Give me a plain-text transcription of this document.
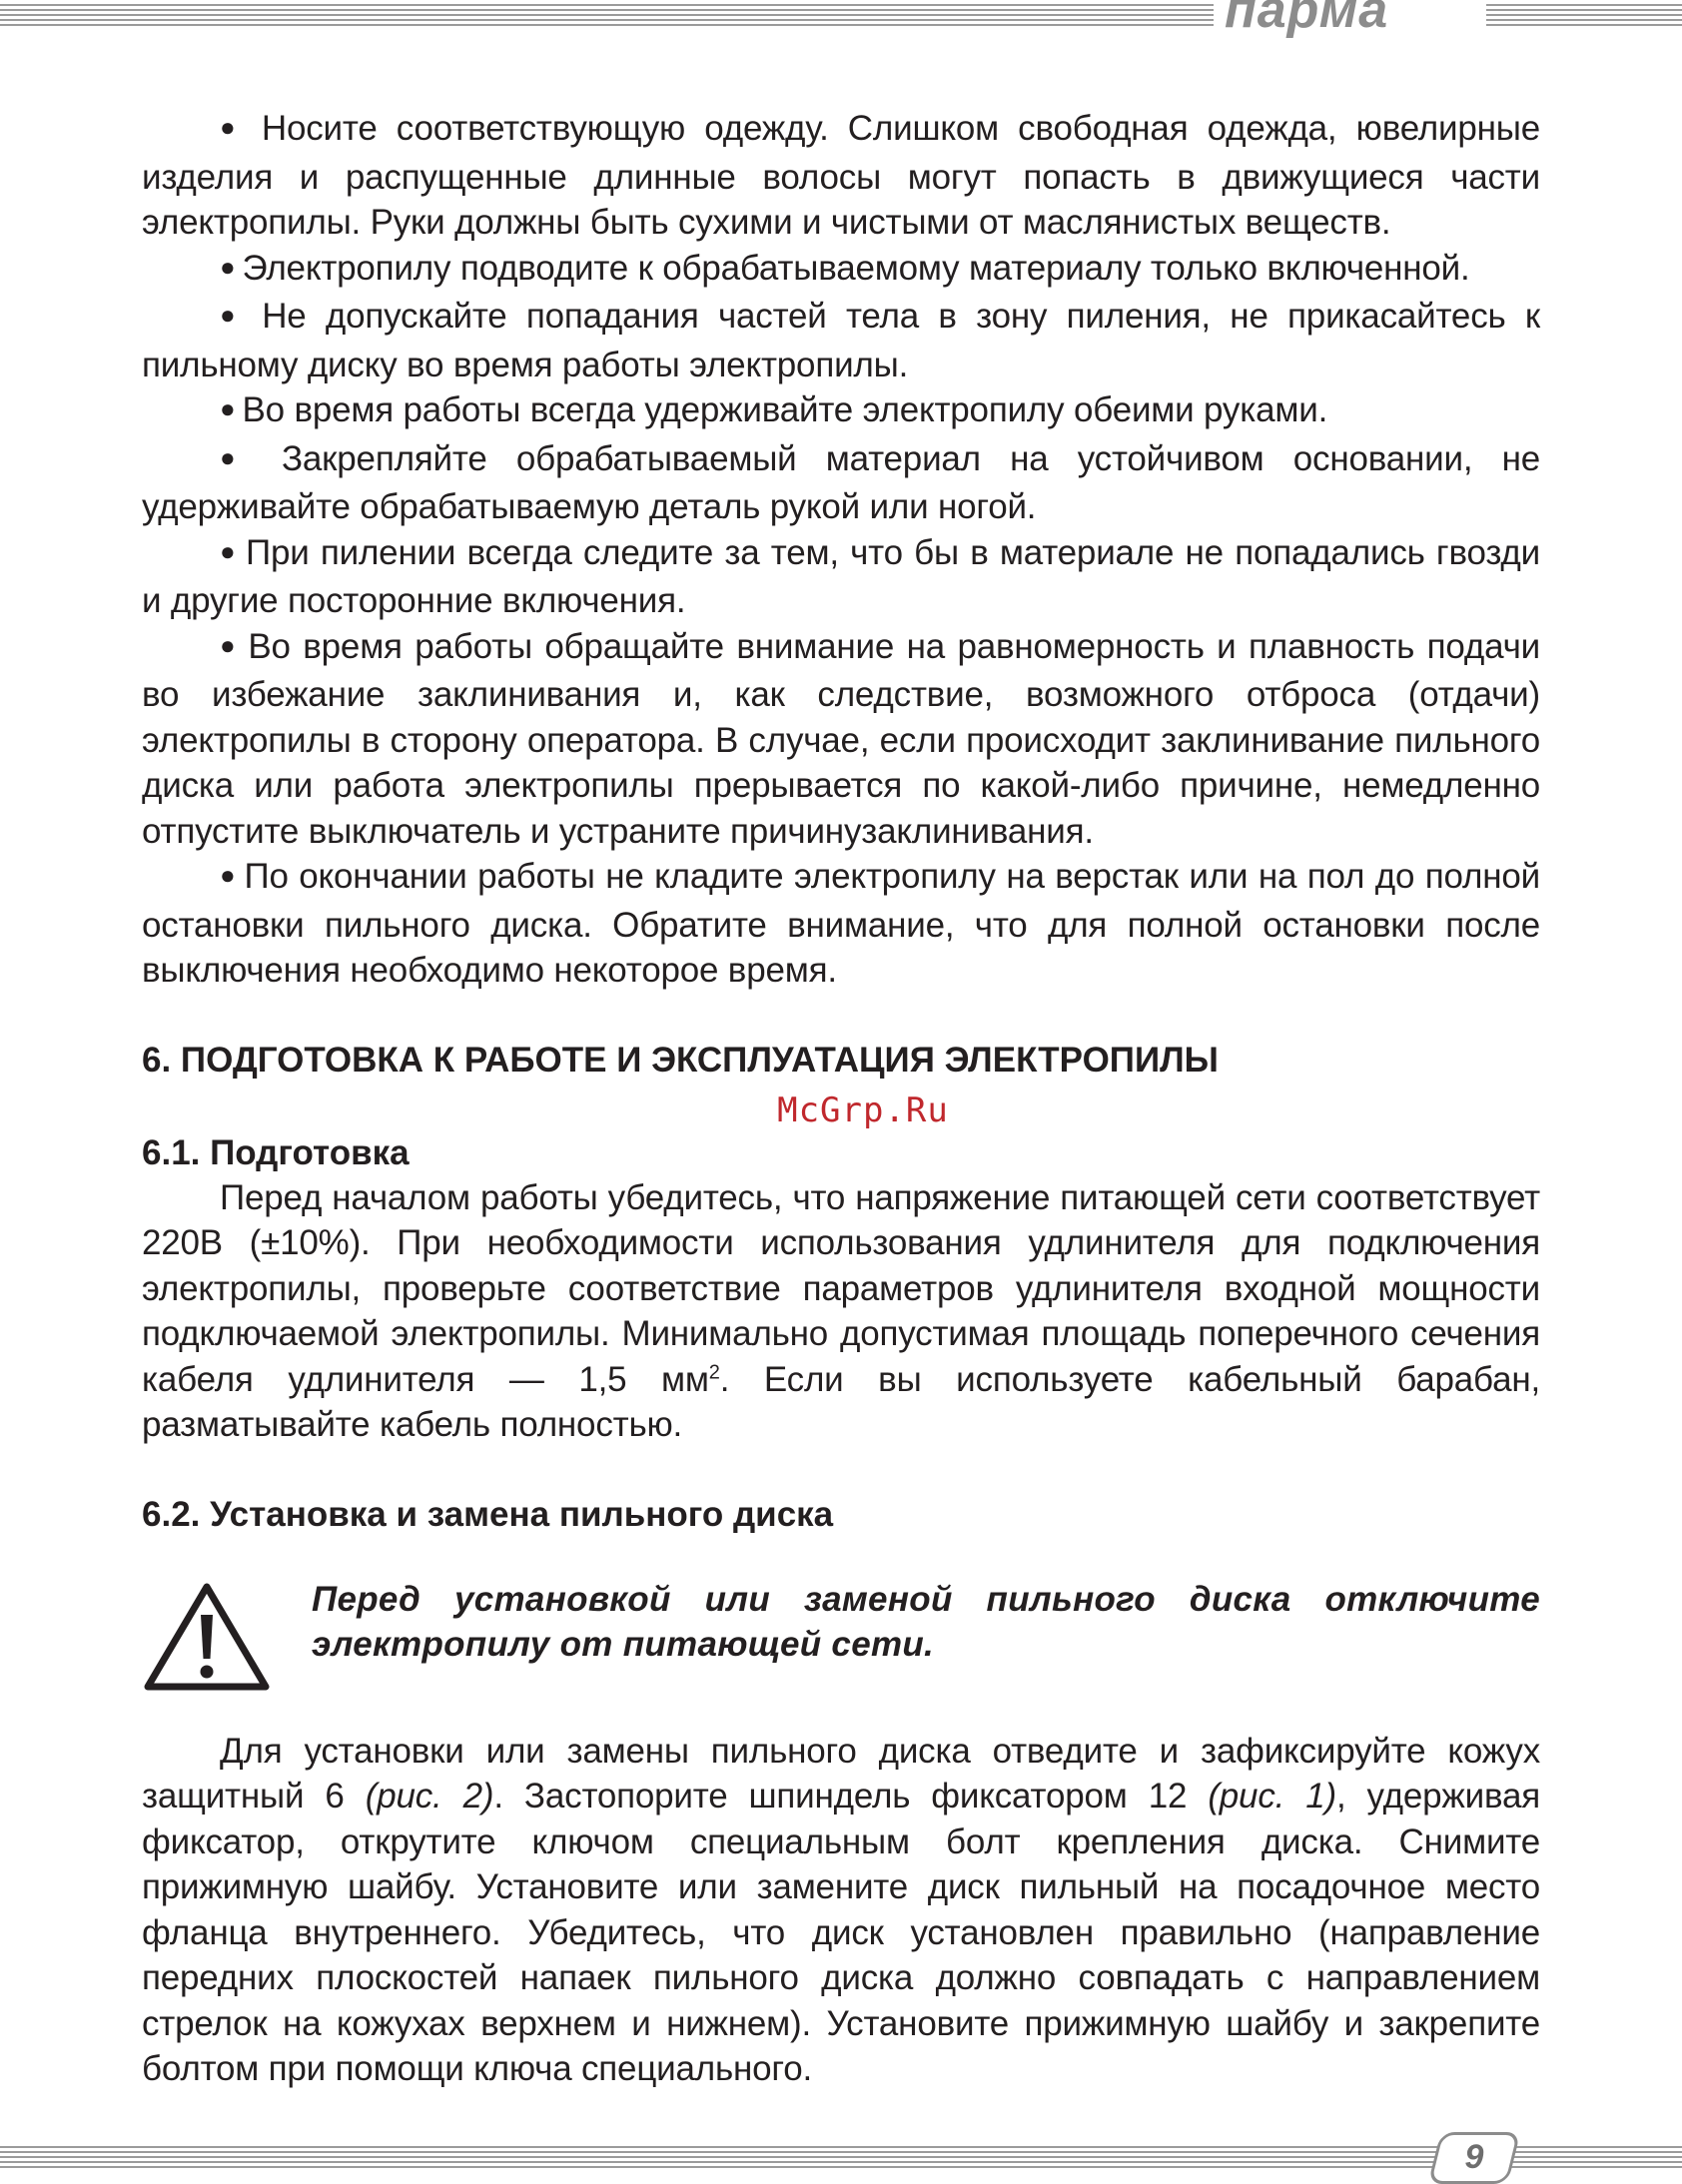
парма

● Носите соответствующую одежду. Слишком свободная одежда, ювелирные изделия и распущенные длинные волосы могут попасть в движущиеся части электропилы. Руки должны быть сухими и чистыми от маслянистых веществ.

● Электропилу подводите к обрабатываемому материалу только включенной.

● Не допускайте попадания частей тела в зону пиления, не прикасайтесь к пильному диску во время работы электропилы.

● Во время работы всегда удерживайте электропилу обеими руками.

● Закрепляйте обрабатываемый материал на устойчивом основании, не удерживайте обрабатываемую деталь рукой или ногой.

● При пилении всегда следите за тем, что бы в материале не попадались гвозди и другие посторонние включения.

● Во время работы обращайте внимание на равномерность и плавность подачи во избежание заклинивания и, как следствие, возможного отброса (отдачи) электропилы в сторону оператора. В случае, если происходит заклинивание пильного диска или работа электропилы прерывается по какой-либо причине, немедленно отпустите выключатель и устраните причинузаклинивания.

● По окончании работы не кладите электропилу на верстак или на пол до полной остановки пильного диска. Обратите внимание, что для полной остановки после выключения необходимо некоторое время.

6. ПОДГОТОВКА К РАБОТЕ И ЭКСПЛУАТАЦИЯ ЭЛЕКТРОПИЛЫ
McGrp.Ru
6.1. Подготовка

Перед началом работы убедитесь, что напряжение питающей сети соответствует 220В (±10%). При необходимости использования удлинителя для подключения электропилы, проверьте соответствие параметров удлинителя входной мощности подключаемой электропилы. Минимально допустимая площадь поперечного сечения кабеля удлинителя — 1,5 $мм^2$. Если вы используете кабельный барабан, разматывайте кабель полностью.

6.2. Установка и замена пильного диска
Перед установкой или заменой пильного диска отключите электропилу от питающей сети.

Для установки или замены пильного диска отведите и зафиксируйте кожух защитный 6 (рис. 2). Застопорите шпиндель фиксатором 12 (рис. 1), удерживая фиксатор, открутите ключом специальным болт крепления диска. Снимите прижимную шайбу. Установите или замените диск пильный на посадочное место фланца внутреннего. Убедитесь, что диск установлен правильно (направление передних плоскостей напаек пильного диска должно совпадать с направлением стрелок на кожухах верхнем и нижнем). Установите прижимную шайбу и закрепите болтом при помощи ключа специального.

9
